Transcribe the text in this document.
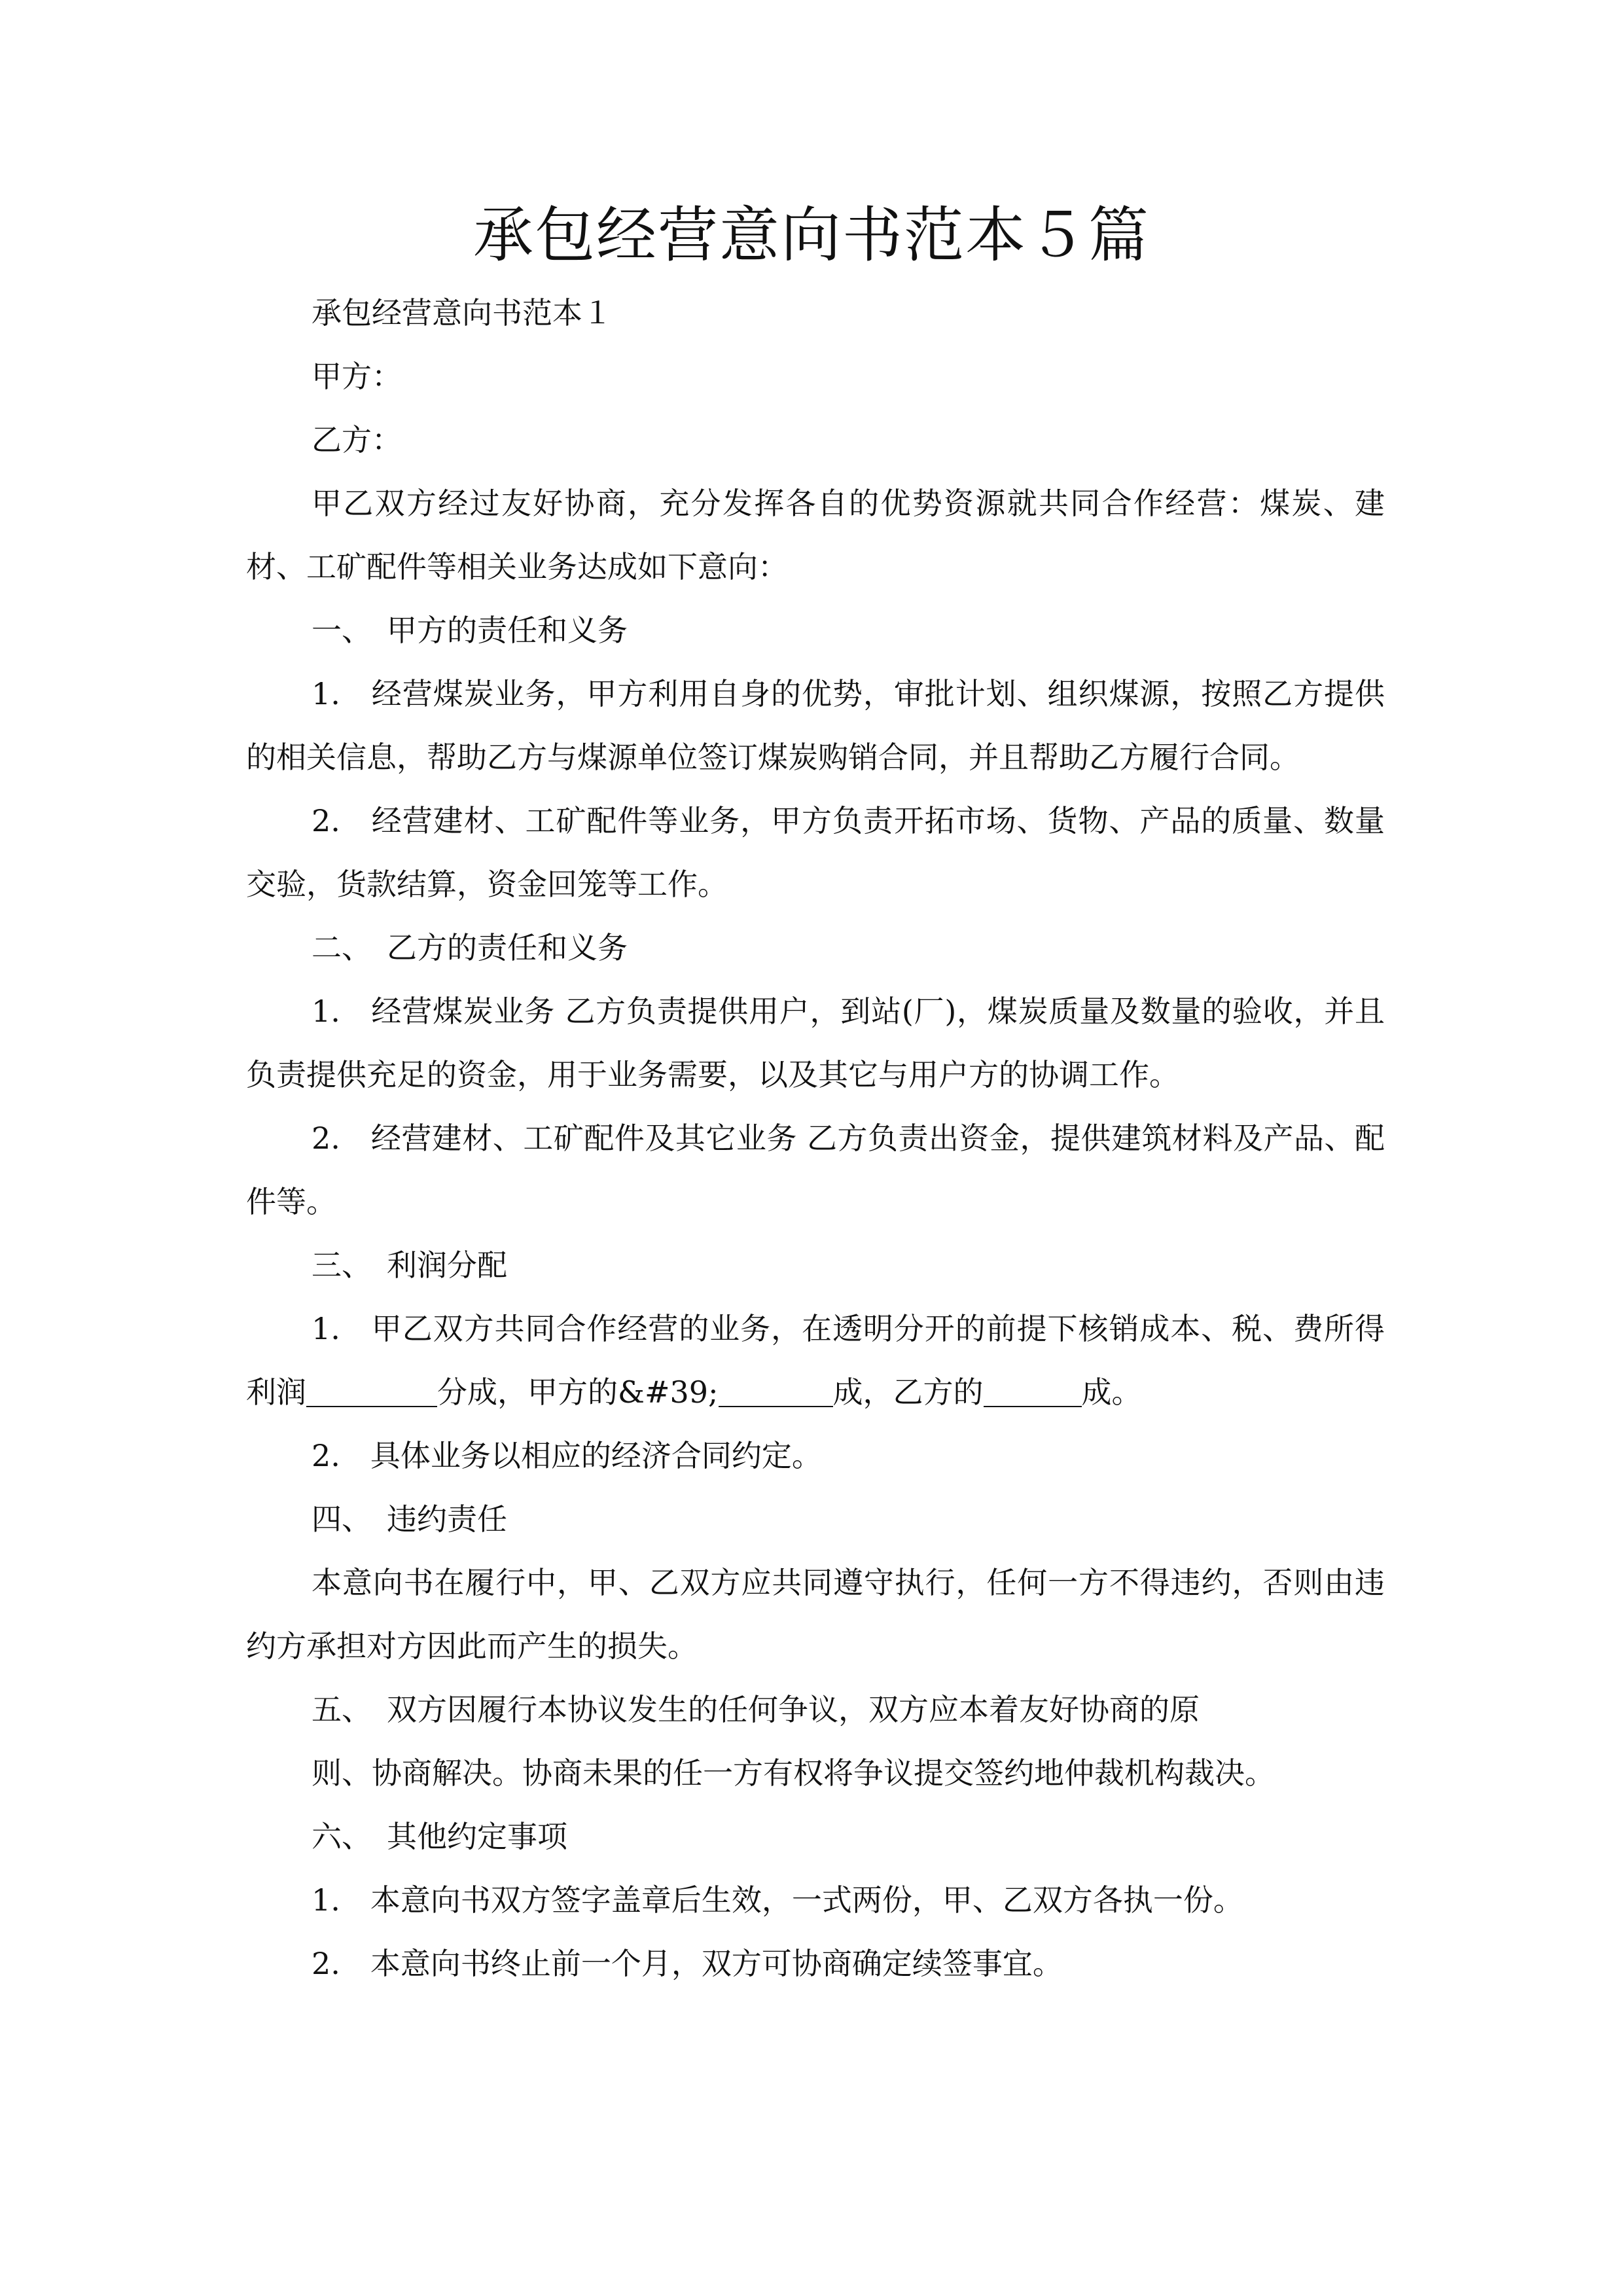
承包经营意向书范本５篇

承包经营意向书范本１

甲方：

乙方：

甲乙双方经过友好协商，充分发挥各自的优势资源就共同合作经营：煤炭、建材、工矿配件等相关业务达成如下意向：

一、　甲方的责任和义务

1.　经营煤炭业务，甲方利用自身的优势，审批计划、组织煤源，按照乙方提供的相关信息，帮助乙方与煤源单位签订煤炭购销合同，并且帮助乙方履行合同。

2.　经营建材、工矿配件等业务，甲方负责开拓市场、货物、产品的质量、数量交验，货款结算，资金回笼等工作。

二、　乙方的责任和义务

1.　经营煤炭业务 乙方负责提供用户，到站(厂)，煤炭质量及数量的验收，并且负责提供充足的资金，用于业务需要，以及其它与用户方的协调工作。

2.　经营建材、工矿配件及其它业务 乙方负责出资金，提供建筑材料及产品、配件等。

三、　利润分配

1.　甲乙双方共同合作经营的业务，在透明分开的前提下核销成本、税、费所得利润	分成，甲方的&#39;	成，乙方的	成。

2.　具体业务以相应的经济合同约定。

四、　违约责任

本意向书在履行中，甲、乙双方应共同遵守执行，任何一方不得违约，否则由违约方承担对方因此而产生的损失。

五、　双方因履行本协议发生的任何争议，双方应本着友好协商的原

则、协商解决。协商未果的任一方有权将争议提交签约地仲裁机构裁决。

六、　其他约定事项

1.　本意向书双方签字盖章后生效，一式两份，甲、乙双方各执一份。

2.　本意向书终止前一个月，双方可协商确定续签事宜。
